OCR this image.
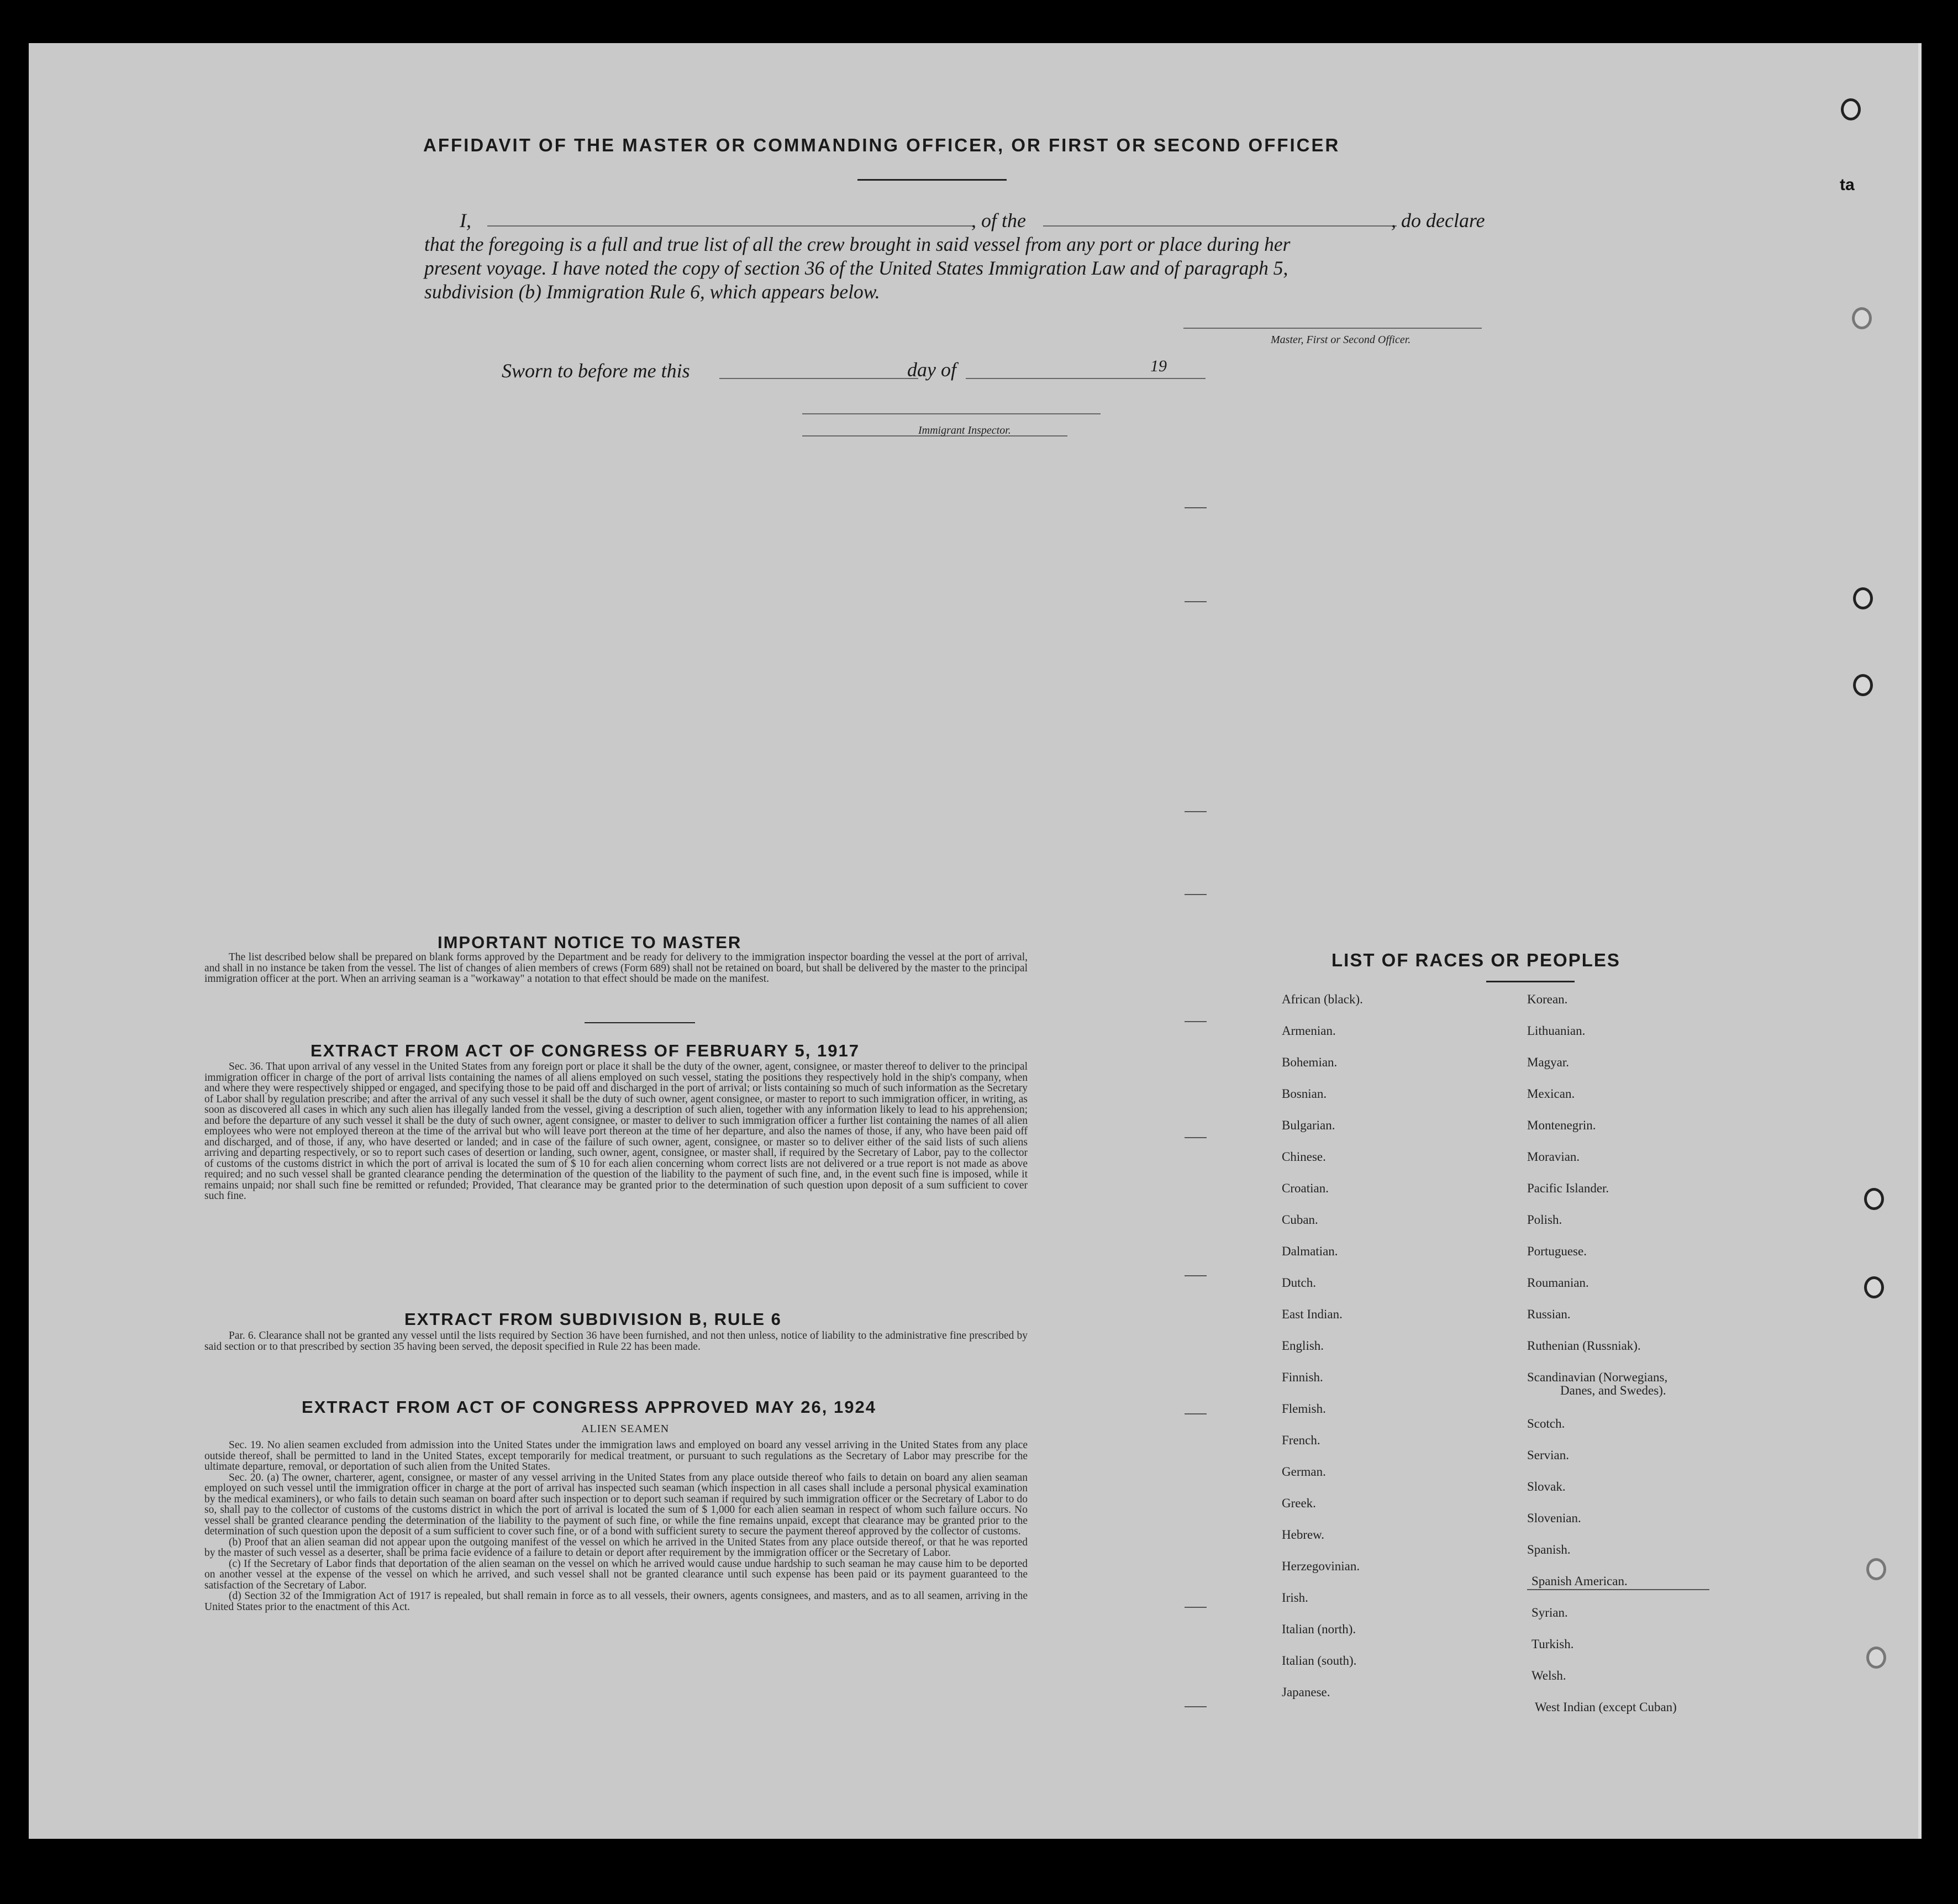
ta
AFFIDAVIT OF THE MASTER OR COMMANDING OFFICER, OR FIRST OR SECOND OFFICER
I,	, of the	, do declare
that the foregoing is a full and true list of all the crew brought in said vessel from any port or place during her
present voyage. I have noted the copy of section 36 of the United States Immigration Law and of paragraph 5,
subdivision (b) Immigration Rule 6, which appears below.
Master, First or Second Officer.
Sworn to before me this	day of	19
Immigrant Inspector.
IMPORTANT NOTICE TO MASTER

The list described below shall be prepared on blank forms approved by the Department and be ready for delivery to the immigration inspector boarding the vessel at the port of arrival, and shall in no instance be taken from the vessel. The list of changes of alien members of crews (Form 689) shall not be retained on board, but shall be delivered by the master to the principal immigration officer at the port. When an arriving seaman is a "workaway" a notation to that effect should be made on the manifest.

EXTRACT FROM ACT OF CONGRESS OF FEBRUARY 5, 1917

Sec. 36. That upon arrival of any vessel in the United States from any foreign port or place it shall be the duty of the owner, agent, consignee, or master thereof to deliver to the principal immigration officer in charge of the port of arrival lists containing the names of all aliens employed on such vessel, stating the positions they respectively hold in the ship's company, when and where they were respectively shipped or engaged, and specifying those to be paid off and discharged in the port of arrival; or lists containing so much of such information as the Secretary of Labor shall by regulation prescribe; and after the arrival of any such vessel it shall be the duty of such owner, agent consignee, or master to report to such immigration officer, in writing, as soon as discovered all cases in which any such alien has illegally landed from the vessel, giving a description of such alien, together with any information likely to lead to his apprehension; and before the departure of any such vessel it shall be the duty of such owner, agent consignee, or master to deliver to such immigration officer a further list containing the names of all alien employees who were not employed thereon at the time of the arrival but who will leave port thereon at the time of her departure, and also the names of those, if any, who have been paid off and discharged, and of those, if any, who have deserted or landed; and in case of the failure of such owner, agent, consignee, or master so to deliver either of the said lists of such aliens arriving and departing respectively, or so to report such cases of desertion or landing, such owner, agent, consignee, or master shall, if required by the Secretary of Labor, pay to the collector of customs of the customs district in which the port of arrival is located the sum of $ 10 for each alien concerning whom correct lists are not delivered or a true report is not made as above required; and no such vessel shall be granted clearance pending the determination of the question of the liability to the payment of such fine, and, in the event such fine is imposed, while it remains unpaid; nor shall such fine be remitted or refunded; Provided, That clearance may be granted prior to the determination of such question upon deposit of a sum sufficient to cover such fine.

EXTRACT FROM SUBDIVISION B, RULE 6

Par. 6. Clearance shall not be granted any vessel until the lists required by Section 36 have been furnished, and not then unless, notice of liability to the administrative fine prescribed by said section or to that prescribed by section 35 having been served, the deposit specified in Rule 22 has been made.

EXTRACT FROM ACT OF CONGRESS APPROVED MAY 26, 1924
ALIEN SEAMEN

Sec. 19. No alien seamen excluded from admission into the United States under the immigration laws and employed on board any vessel arriving in the United States from any place outside thereof, shall be permitted to land in the United States, except temporarily for medical treatment, or pursuant to such regulations as the Secretary of Labor may prescribe for the ultimate departure, removal, or deportation of such alien from the United States.

Sec. 20. (a) The owner, charterer, agent, consignee, or master of any vessel arriving in the United States from any place outside thereof who fails to detain on board any alien seaman employed on such vessel until the immigration officer in charge at the port of arrival has inspected such seaman (which inspection in all cases shall include a personal physical examination by the medical examiners), or who fails to detain such seaman on board after such inspection or to deport such seaman if required by such immigration officer or the Secretary of Labor to do so, shall pay to the collector of customs of the customs district in which the port of arrival is located the sum of $ 1,000 for each alien seaman in respect of whom such failure occurs. No vessel shall be granted clearance pending the determination of the liability to the payment of such fine, or while the fine remains unpaid, except that clearance may be granted prior to the determination of such question upon the deposit of a sum sufficient to cover such fine, or of a bond with sufficient surety to secure the payment thereof approved by the collector of customs.

(b) Proof that an alien seaman did not appear upon the outgoing manifest of the vessel on which he arrived in the United States from any place outside thereof, or that he was reported by the master of such vessel as a deserter, shall be prima facie evidence of a failure to detain or deport after requirement by the immigration officer or the Secretary of Labor.

(c) If the Secretary of Labor finds that deportation of the alien seaman on the vessel on which he arrived would cause undue hardship to such seaman he may cause him to be deported on another vessel at the expense of the vessel on which he arrived, and such vessel shall not be granted clearance until such expense has been paid or its payment guaranteed to the satisfaction of the Secretary of Labor.

(d) Section 32 of the Immigration Act of 1917 is repealed, but shall remain in force as to all vessels, their owners, agents consignees, and masters, and as to all seamen, arriving in the United States prior to the enactment of this Act.

LIST OF RACES OR PEOPLES
African (black).
Armenian.
Bohemian.
Bosnian.
Bulgarian.
Chinese.
Croatian.
Cuban.
Dalmatian.
Dutch.
East Indian.
English.
Finnish.
Flemish.
French.
German.
Greek.
Hebrew.
Herzegovinian.
Irish.
Italian (north).
Italian (south).
Japanese.
Korean.
Lithuanian.
Magyar.
Mexican.
Montenegrin.
Moravian.
Pacific Islander.
Polish.
Portuguese.
Roumanian.
Russian.
Ruthenian (Russniak).
Scandinavian (Norwegians,
Danes, and Swedes).
Scotch.
Servian.
Slovak.
Slovenian.
Spanish.
Spanish American.
Syrian.
Turkish.
Welsh.
West Indian (except Cuban)
